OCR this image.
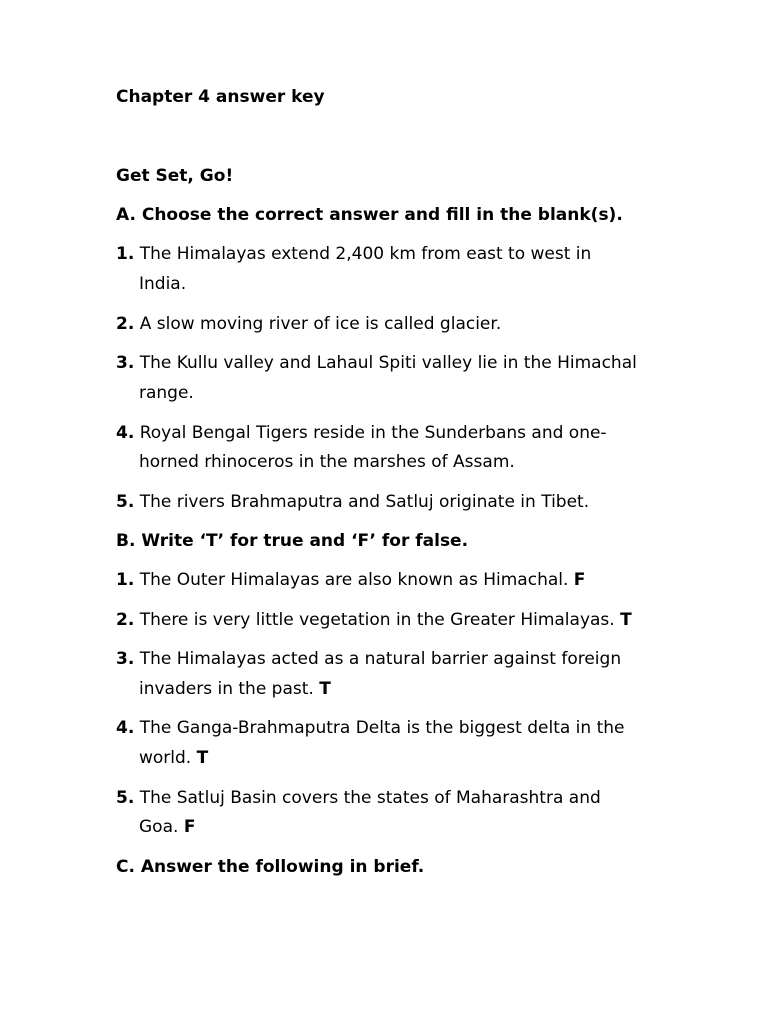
Chapter 4 answer key
Get Set, Go!
A. Choose the correct answer and fill in the blank(s).
1. The Himalayas extend 2,400 km from east to west in
India.
2. A slow moving river of ice is called glacier.
3. The Kullu valley and Lahaul Spiti valley lie in the Himachal
range.
4. Royal Bengal Tigers reside in the Sunderbans and one-
horned rhinoceros in the marshes of Assam.
5. The rivers Brahmaputra and Satluj originate in Tibet.
B. Write ‘T’ for true and ‘F’ for false.
1. The Outer Himalayas are also known as Himachal. F
2. There is very little vegetation in the Greater Himalayas. T
3. The Himalayas acted as a natural barrier against foreign
invaders in the past. T
4. The Ganga-Brahmaputra Delta is the biggest delta in the
world. T
5. The Satluj Basin covers the states of Maharashtra and
Goa. F
C. Answer the following in brief.
